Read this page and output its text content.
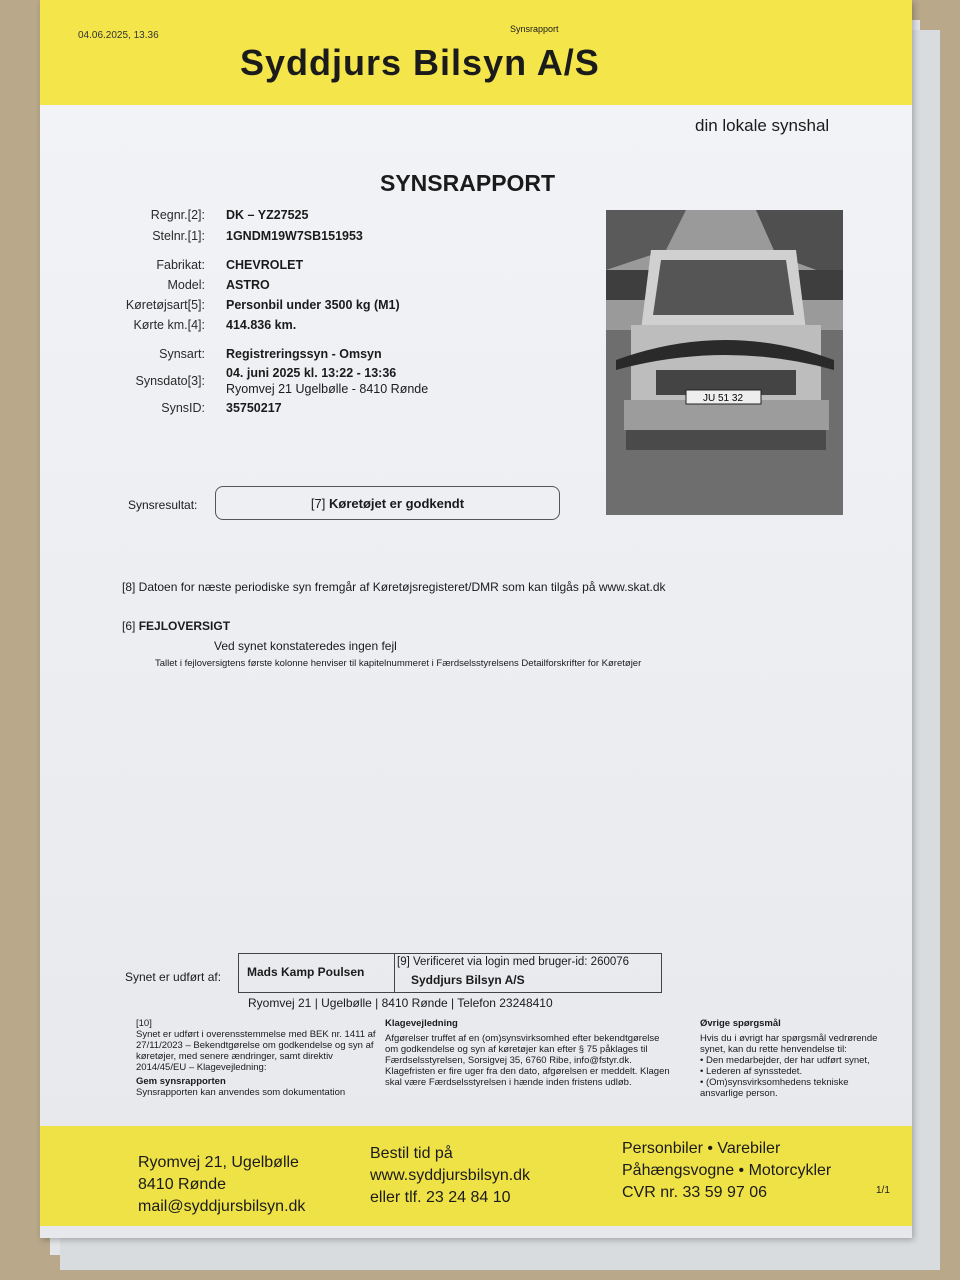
04.06.2025, 13.36
Synsrapport
Syddjurs Bilsyn A/S
din lokale synshal
SYNSRAPPORT
Regnr.[2]: DK – YZ27525
Stelnr.[1]: 1GNDM19W7SB151953
Fabrikat: CHEVROLET
Model: ASTRO
Køretøjsart[5]: Personbil under 3500 kg (M1)
Kørte km.[4]: 414.836 km.
Synsart: Registreringssyn - Omsyn
Synsdato[3]:
04. juni 2025 kl. 13:22 - 13:36
Ryomvej 21 Ugelbølle - 8410 Rønde
SynsID: 35750217
JU 51 32
Synsresultat:	[7] Køretøjet er godkendt
[8] Datoen for næste periodiske syn fremgår af Køretøjsregisteret/DMR som kan tilgås på www.skat.dk
[6] FEJLOVERSIGT
Ved synet konstateredes ingen fejl
Tallet i fejloversigtens første kolonne henviser til kapitelnummeret i Færdselsstyrelsens Detailforskrifter for Køretøjer
Synet er udført af: Mads Kamp Poulsen
[9] Verificeret via login med bruger-id: 260076
Syddjurs Bilsyn A/S
Ryomvej 21 | Ugelbølle | 8410 Rønde | Telefon 23248410
[10]
Synet er udført i overensstemmelse med BEK nr. 1411 af 27/11/2023 – Bekendtgørelse om godkendelse og syn af køretøjer, med senere ændringer, samt direktiv 2014/45/EU – Klagevejledning:
Gem synsrapporten
Synsrapporten kan anvendes som dokumentation
Klagevejledning
Afgørelser truffet af en (om)synsvirksomhed efter bekendtgørelse om godkendelse og syn af køretøjer kan efter § 75 påklages til Færdselsstyrelsen, Sorsigvej 35, 6760 Ribe, info@fstyr.dk. Klagefristen er fire uger fra den dato, afgørelsen er meddelt. Klagen skal være Færdselsstyrelsen i hænde inden fristens udløb.
Øvrige spørgsmål
Hvis du i øvrigt har spørgsmål vedrørende synet, kan du rette henvendelse til:
• Den medarbejder, der har udført synet,
• Lederen af synsstedet.
• (Om)synsvirksomhedens tekniske ansvarlige person.
Ryomvej 21, Ugelbølle
8410 Rønde
mail@syddjursbilsyn.dk
Bestil tid på
www.syddjursbilsyn.dk
eller tlf. 23 24 84 10
Personbiler • Varebiler
Påhængsvogne • Motorcykler
CVR nr. 33 59 97 06	1/1
